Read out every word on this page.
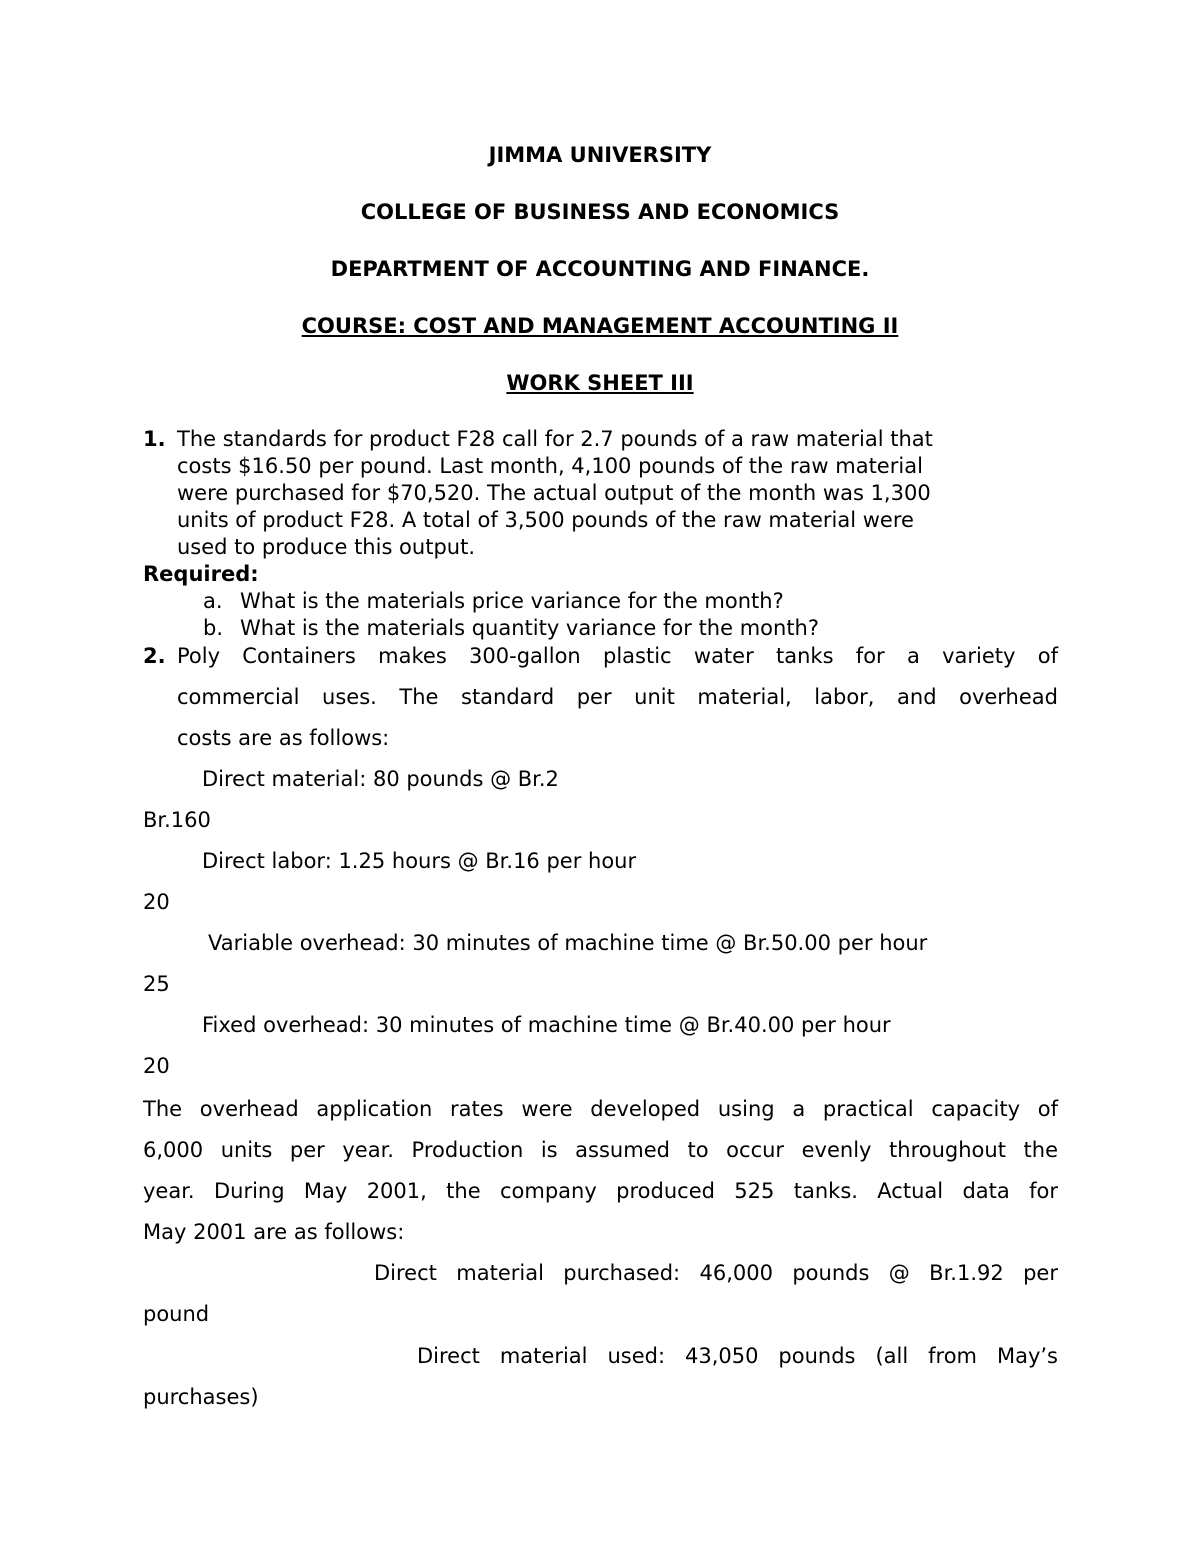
JIMMA UNIVERSITY
COLLEGE OF BUSINESS AND ECONOMICS
DEPARTMENT OF ACCOUNTING AND FINANCE.
COURSE: COST AND MANAGEMENT ACCOUNTING II
WORK SHEET III
1. The standards for product F28 call for 2.7 pounds of a raw material that
costs $16.50 per pound. Last month, 4,100 pounds of the raw material
were purchased for $70,520. The actual output of the month was 1,300
units of product F28. A total of 3,500 pounds of the raw material were
used to produce this output.
Required:
a. What is the materials price variance for the month?
b. What is the materials quantity variance for the month?
2. Poly Containers makes 300-gallon plastic water tanks for a variety of
commercial uses. The standard per unit material, labor, and overhead
costs are as follows:
Direct material: 80 pounds @ Br.2
Br.160
Direct labor: 1.25 hours @ Br.16 per hour
20
Variable overhead: 30 minutes of machine time @ Br.50.00 per hour
25
Fixed overhead: 30 minutes of machine time @ Br.40.00 per hour
20
The overhead application rates were developed using a practical capacity of
6,000 units per year. Production is assumed to occur evenly throughout the
year. During May 2001, the company produced 525 tanks. Actual data for
May 2001 are as follows:
Direct material purchased: 46,000 pounds @ Br.1.92 per
pound
Direct material used: 43,050 pounds (all from May’s
purchases)
